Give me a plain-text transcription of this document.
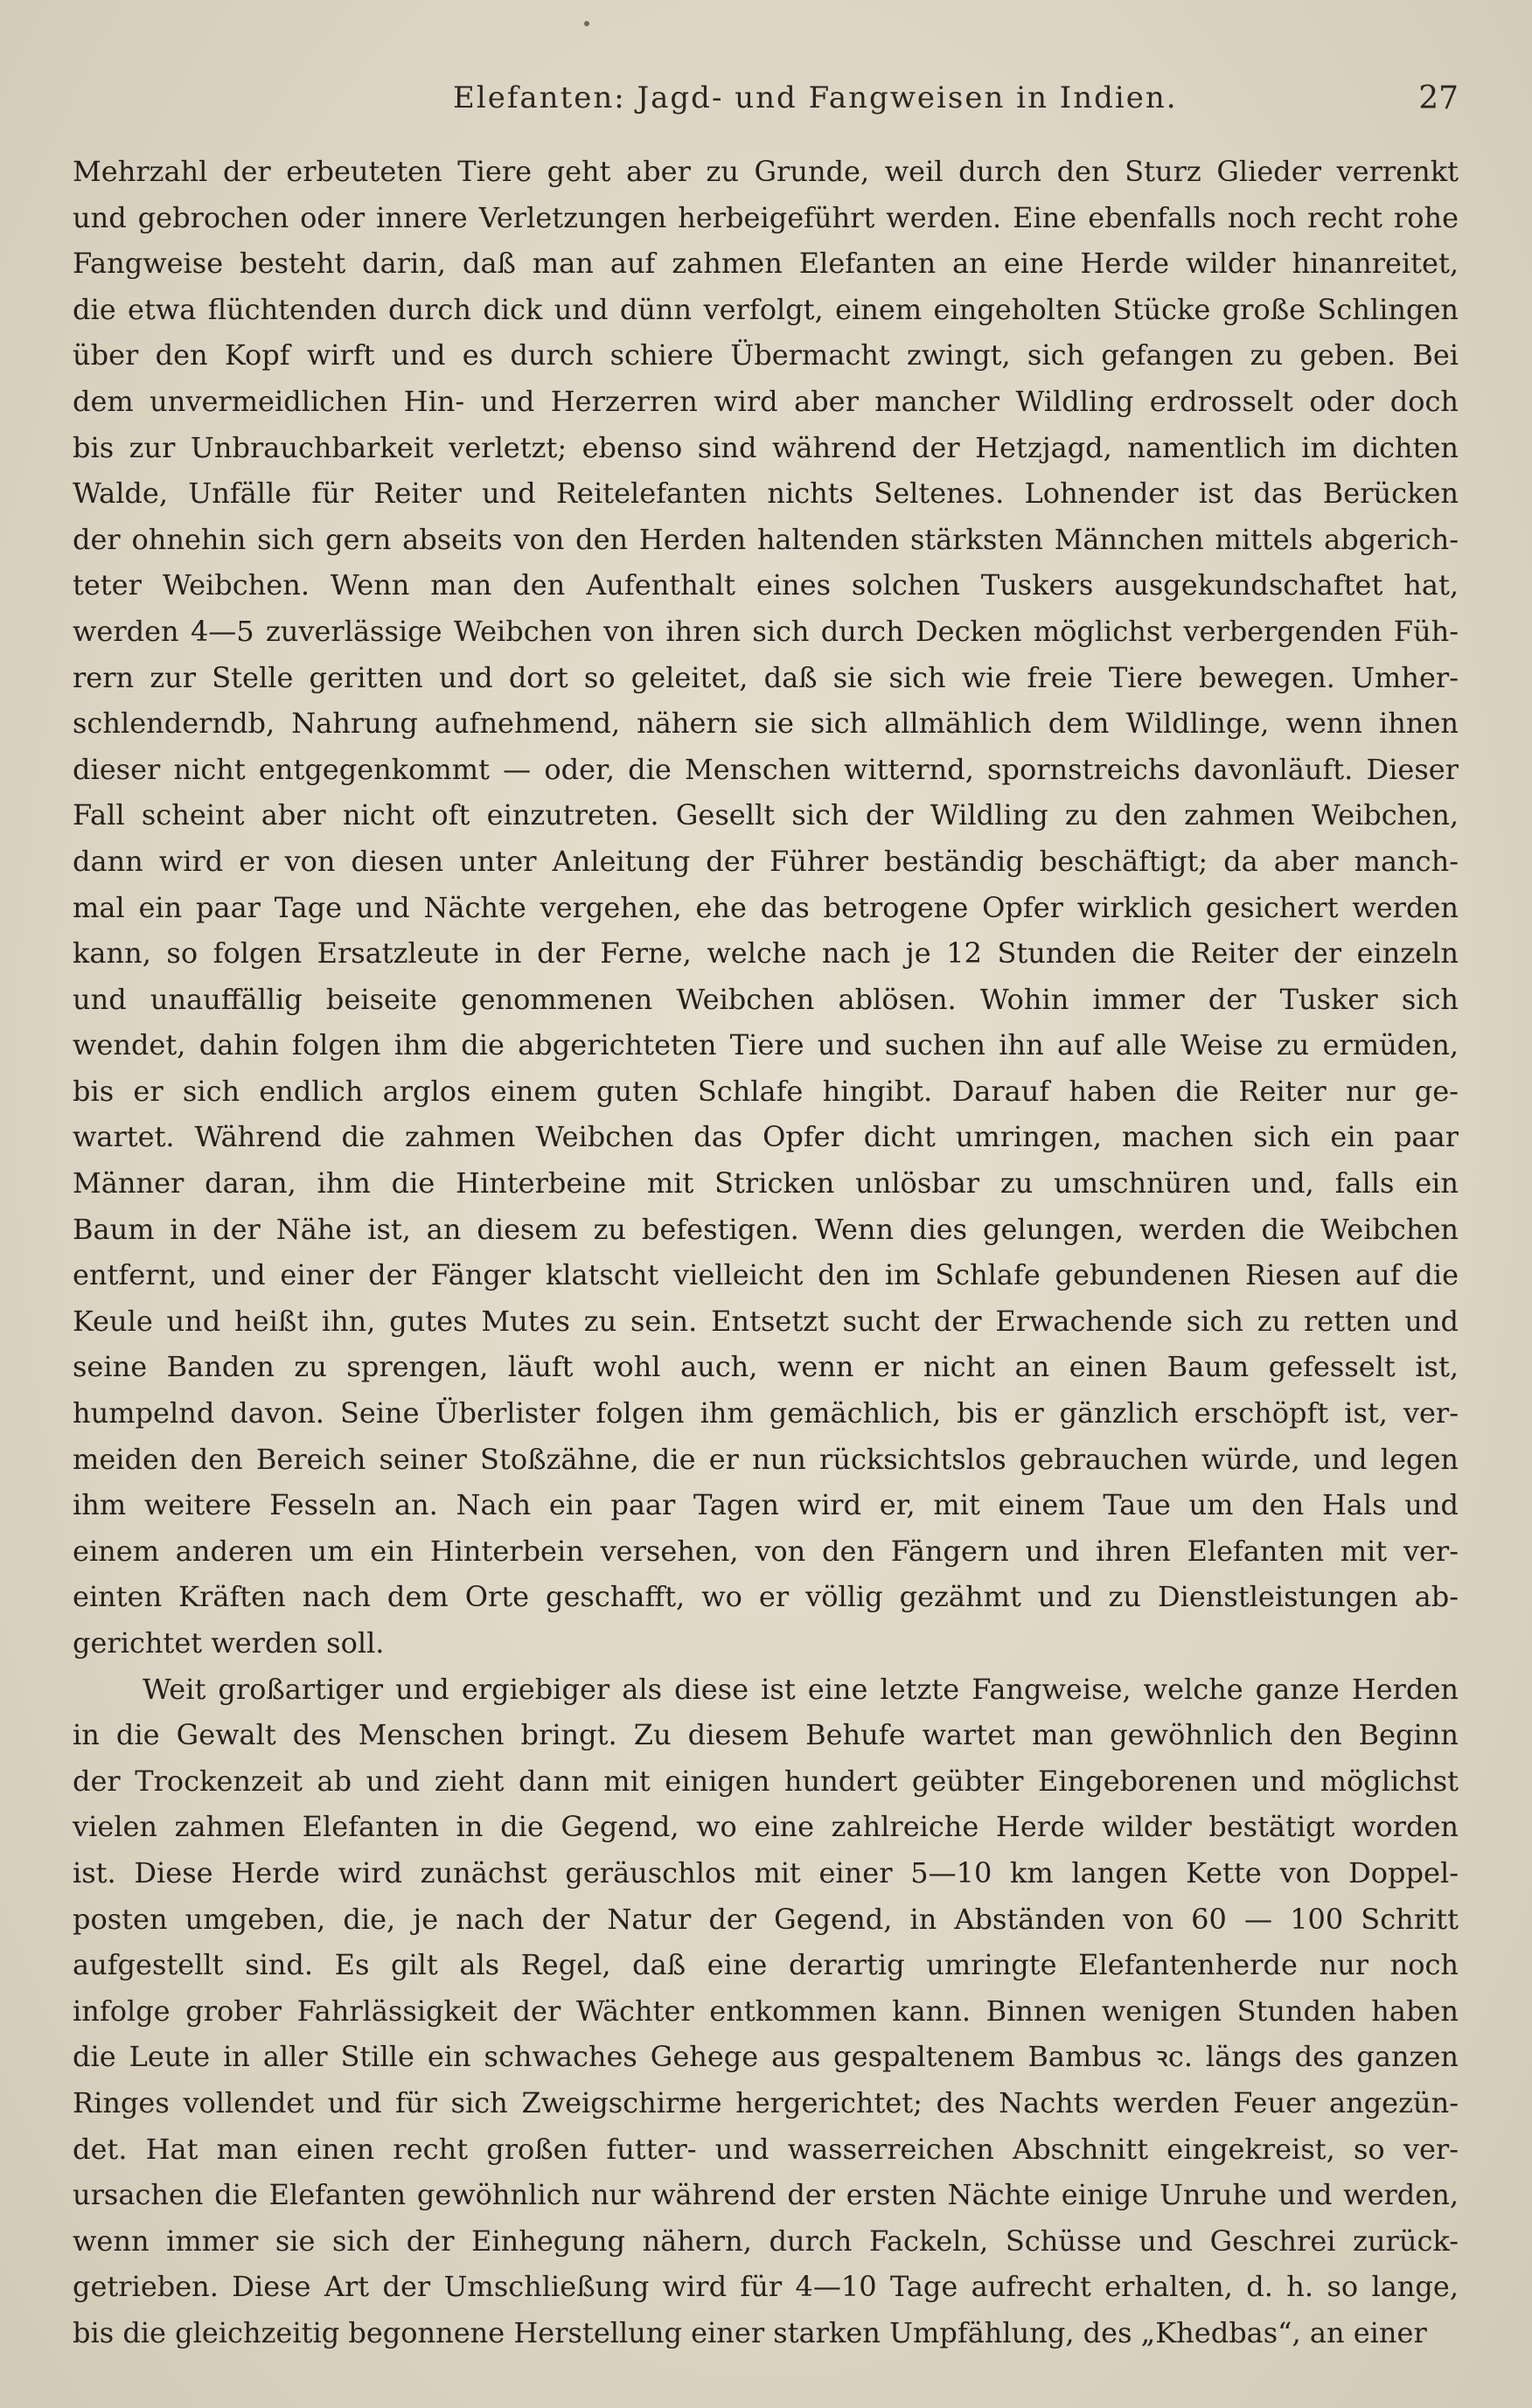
Elefanten: Jagd- und Fangweisen in Indien.	27
Mehrzahl der erbeuteten Tiere geht aber zu Grunde, weil durch den Sturz Glieder verrenkt
und gebrochen oder innere Verletzungen herbeigeführt werden. Eine ebenfalls noch recht rohe
Fangweise besteht darin, daß man auf zahmen Elefanten an eine Herde wilder hinanreitet,
die etwa flüchtenden durch dick und dünn verfolgt, einem eingeholten Stücke große Schlingen
über den Kopf wirft und es durch schiere Übermacht zwingt, sich gefangen zu geben. Bei
dem unvermeidlichen Hin- und Herzerren wird aber mancher Wildling erdrosselt oder doch
bis zur Unbrauchbarkeit verletzt; ebenso sind während der Hetzjagd, namentlich im dichten
Walde, Unfälle für Reiter und Reitelefanten nichts Seltenes. Lohnender ist das Berücken
der ohnehin sich gern abseits von den Herden haltenden stärksten Männchen mittels abgerich-
teter Weibchen. Wenn man den Aufenthalt eines solchen Tuskers ausgekundschaftet hat,
werden 4—5 zuverlässige Weibchen von ihren sich durch Decken möglichst verbergenden Füh-
rern zur Stelle geritten und dort so geleitet, daß sie sich wie freie Tiere bewegen. Umher-
schlenderndb, Nahrung aufnehmend, nähern sie sich allmählich dem Wildlinge, wenn ihnen
dieser nicht entgegenkommt — oder, die Menschen witternd, spornstreichs davonläuft. Dieser
Fall scheint aber nicht oft einzutreten. Gesellt sich der Wildling zu den zahmen Weibchen,
dann wird er von diesen unter Anleitung der Führer beständig beschäftigt; da aber manch-
mal ein paar Tage und Nächte vergehen, ehe das betrogene Opfer wirklich gesichert werden
kann, so folgen Ersatzleute in der Ferne, welche nach je 12 Stunden die Reiter der einzeln
und unauffällig beiseite genommenen Weibchen ablösen. Wohin immer der Tusker sich
wendet, dahin folgen ihm die abgerichteten Tiere und suchen ihn auf alle Weise zu ermüden,
bis er sich endlich arglos einem guten Schlafe hingibt. Darauf haben die Reiter nur ge-
wartet. Während die zahmen Weibchen das Opfer dicht umringen, machen sich ein paar
Männer daran, ihm die Hinterbeine mit Stricken unlösbar zu umschnüren und, falls ein
Baum in der Nähe ist, an diesem zu befestigen. Wenn dies gelungen, werden die Weibchen
entfernt, und einer der Fänger klatscht vielleicht den im Schlafe gebundenen Riesen auf die
Keule und heißt ihn, gutes Mutes zu sein. Entsetzt sucht der Erwachende sich zu retten und
seine Banden zu sprengen, läuft wohl auch, wenn er nicht an einen Baum gefesselt ist,
humpelnd davon. Seine Überlister folgen ihm gemächlich, bis er gänzlich erschöpft ist, ver-
meiden den Bereich seiner Stoßzähne, die er nun rücksichtslos gebrauchen würde, und legen
ihm weitere Fesseln an. Nach ein paar Tagen wird er, mit einem Taue um den Hals und
einem anderen um ein Hinterbein versehen, von den Fängern und ihren Elefanten mit ver-
einten Kräften nach dem Orte geschafft, wo er völlig gezähmt und zu Dienstleistungen ab-
gerichtet werden soll.
Weit großartiger und ergiebiger als diese ist eine letzte Fangweise, welche ganze Herden
in die Gewalt des Menschen bringt. Zu diesem Behufe wartet man gewöhnlich den Beginn
der Trockenzeit ab und zieht dann mit einigen hundert geübter Eingeborenen und möglichst
vielen zahmen Elefanten in die Gegend, wo eine zahlreiche Herde wilder bestätigt worden
ist. Diese Herde wird zunächst geräuschlos mit einer 5—10 km langen Kette von Doppel-
posten umgeben, die, je nach der Natur der Gegend, in Abständen von 60 — 100 Schritt
aufgestellt sind. Es gilt als Regel, daß eine derartig umringte Elefantenherde nur noch
infolge grober Fahrlässigkeit der Wächter entkommen kann. Binnen wenigen Stunden haben
die Leute in aller Stille ein schwaches Gehege aus gespaltenem Bambus ꝛc. längs des ganzen
Ringes vollendet und für sich Zweigschirme hergerichtet; des Nachts werden Feuer angezün-
det. Hat man einen recht großen futter- und wasserreichen Abschnitt eingekreist, so ver-
ursachen die Elefanten gewöhnlich nur während der ersten Nächte einige Unruhe und werden,
wenn immer sie sich der Einhegung nähern, durch Fackeln, Schüsse und Geschrei zurück-
getrieben. Diese Art der Umschließung wird für 4—10 Tage aufrecht erhalten, d. h. so lange,
bis die gleichzeitig begonnene Herstellung einer starken Umpfählung, des „Khedbas“, an einer
